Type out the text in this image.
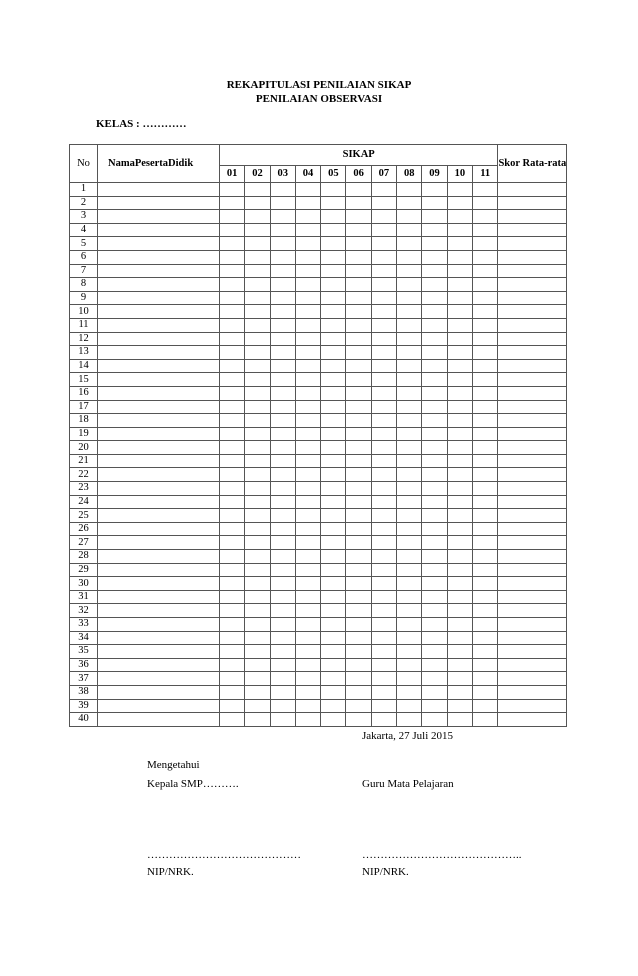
REKAPITULASI PENILAIAN SIKAP
PENILAIAN OBSERVASI
KELAS : …………
No	NamaPesertaDidik	SIKAP											Skor Rata-rata
		01	02	03	04	05	06	07	08	09	10	11	
1													
2													
3													
4													
5													
6													
7													
8													
9													
10													
11													
12													
13													
14													
15													
16													
17													
18													
19													
20													
21													
22													
23													
24													
25													
26													
27													
28													
29													
30													
31													
32													
33													
34													
35													
36													
37													
38													
39													
40													
Jakarta, 27 Juli 2015
Mengetahui
Kepala SMP……….	Guru Mata Pelajaran
……………………………………	……………………………………..
NIP/NRK.	NIP/NRK.
